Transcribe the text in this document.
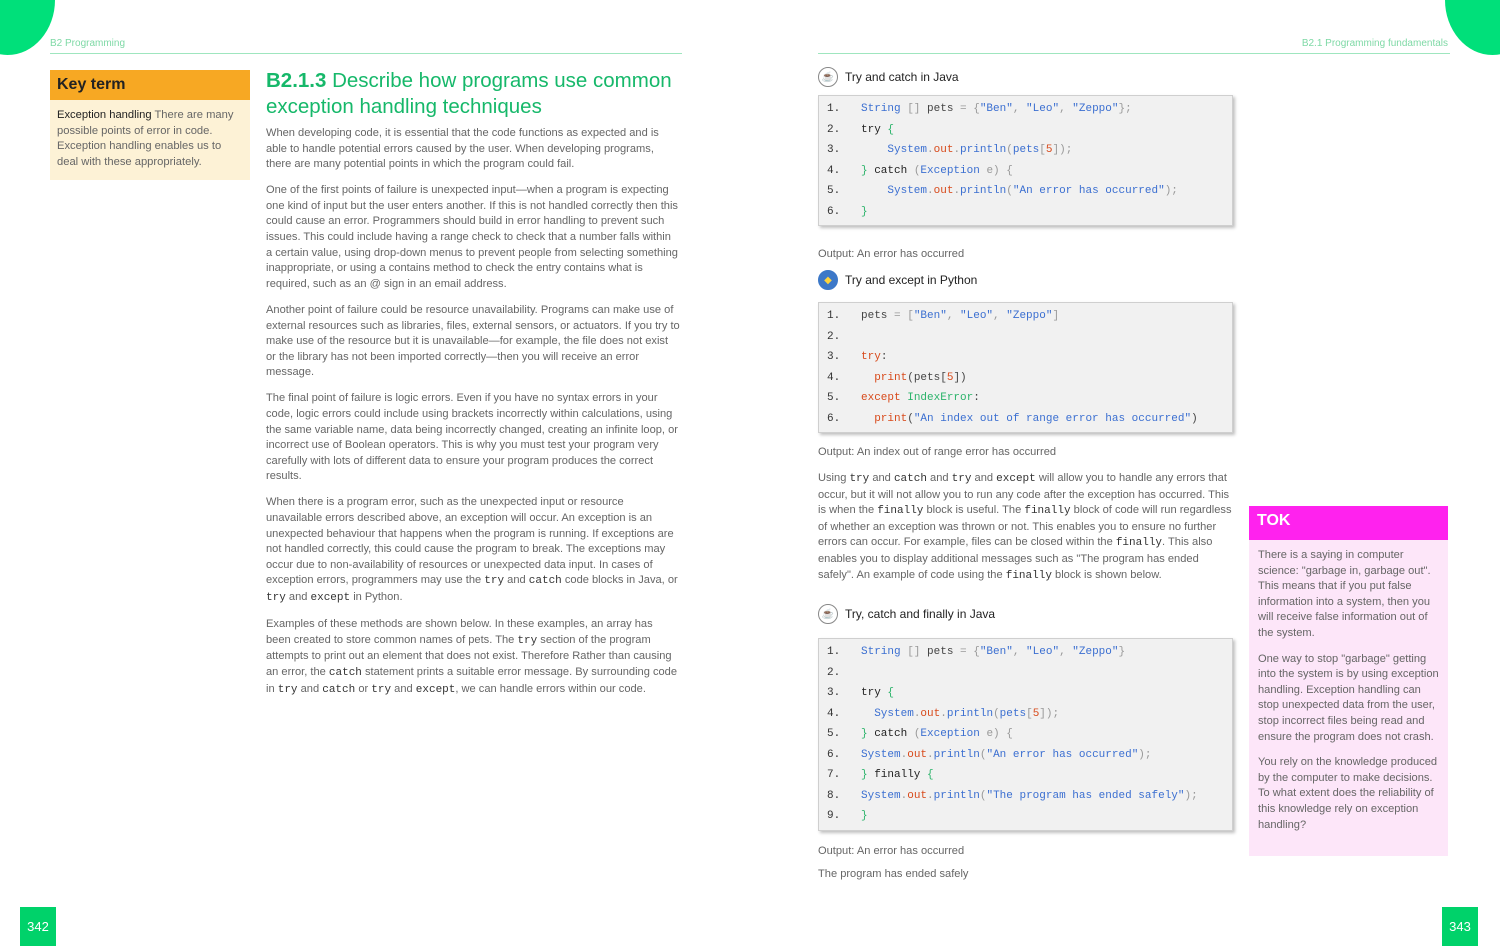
B2 Programming	B2.1 Programming fundamentals
Key term
Exception handling There are many possible points of error in code. Exception handling enables us to deal with these appropriately.
B2.1.3 Describe how programs use common exception handling techniques

When developing code, it is essential that the code functions as expected and is able to handle potential errors caused by the user. When developing programs, there are many potential points in which the program could fail.

One of the first points of failure is unexpected input—when a program is expecting one kind of input but the user enters another. If this is not handled correctly then this could cause an error. Programmers should build in error handling to prevent such issues. This could include having a range check to check that a number falls within a certain value, using drop-down menus to prevent people from selecting something inappropriate, or using a contains method to check the entry contains what is required, such as an @ sign in an email address.

Another point of failure could be resource unavailability. Programs can make use of external resources such as libraries, files, external sensors, or actuators. If you try to make use of the resource but it is unavailable—for example, the file does not exist or the library has not been imported correctly—then you will receive an error message.

The final point of failure is logic errors. Even if you have no syntax errors in your code, logic errors could include using brackets incorrectly within calculations, using the same variable name, data being incorrectly changed, creating an infinite loop, or incorrect use of Boolean operators. This is why you must test your program very carefully with lots of different data to ensure your program produces the correct results.

When there is a program error, such as the unexpected input or resource unavailable errors described above, an exception will occur. An exception is an unexpected behaviour that happens when the program is running. If exceptions are not handled correctly, this could cause the program to break. The exceptions may occur due to non-availability of resources or unexpected data input. In cases of exception errors, programmers may use the try and catch code blocks in Java, or try and except in Python.

Examples of these methods are shown below. In these examples, an array has been created to store common names of pets. The try section of the program attempts to print out an element that does not exist. Therefore Rather than causing an error, the catch statement prints a suitable error message. By surrounding code in try and catch or try and except, we can handle errors within our code.

☕ Try and catch in Java
1.	String [] pets = {"Ben", "Leo", "Zeppo"};
2.	try {
3.	System.out.println(pets[5]);
4.	} catch (Exception e) {
5.	System.out.println("An error has occurred");
6.	}
Output: An error has occurred
◆	Try and except in Python
1.	pets = ["Ben", "Leo", "Zeppo"]
2.
3.	try:
4.	print(pets[5])
5.	except IndexError:
6.	print("An index out of range error has occurred")
Output: An index out of range error has occurred
Using try and catch and try and except will allow you to handle any errors that occur, but it will not allow you to run any code after the exception has occurred. This is when the finally block is useful. The finally block of code will run regardless of whether an exception was thrown or not. This enables you to ensure no further errors can occur. For example, files can be closed within the finally. This also enables you to display additional messages such as "The program has ended safely". An example of code using the finally block is shown below.
☕ Try, catch and finally in Java
1.	String [] pets = {"Ben", "Leo", "Zeppo"}
2.
3.	try {
4.	System.out.println(pets[5]);
5.	} catch (Exception e) {
6.	System.out.println("An error has occurred");
7.	} finally {
8.	System.out.println("The program has ended safely");
9.	}
Output: An error has occurred
The program has ended safely
TOK

There is a saying in computer science: "garbage in, garbage out". This means that if you put false information into a system, then you will receive false information out of the system.

One way to stop "garbage" getting into the system is by using exception handling. Exception handling can stop unexpected data from the user, stop incorrect files being read and ensure the program does not crash.

You rely on the knowledge produced by the computer to make decisions. To what extent does the reliability of this knowledge rely on exception handling?

342	343
